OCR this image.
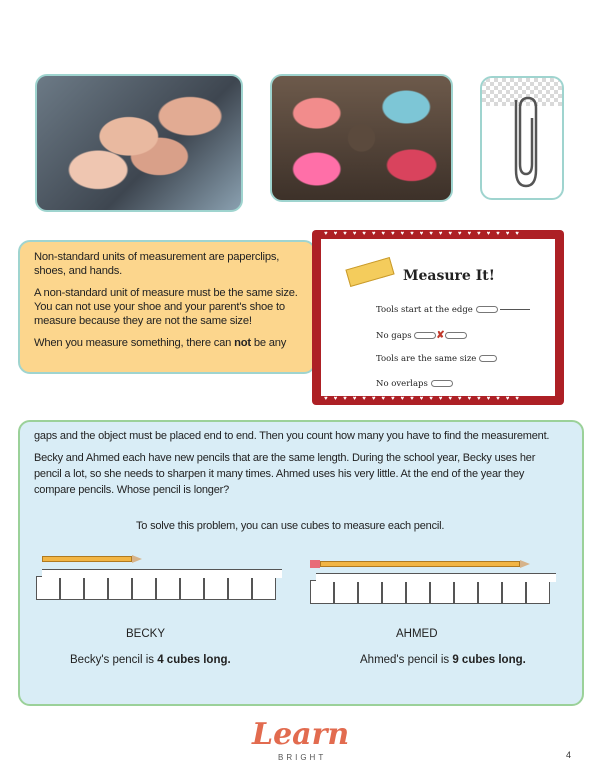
Non-standard units of measurement are paperclips, shoes, and hands.

A non-standard unit of measure must be the same size. You can not use your shoe and your parent's shoe to measure because they are not the same size!

When you measure something, there can not be any

♥♥♥♥♥♥♥♥♥♥♥♥♥♥♥♥♥♥♥♥♥
♥♥♥♥♥♥♥♥♥♥♥♥♥♥♥♥♥♥♥♥♥
Measure It!
Tools start at the edge
No gaps ✘
Tools are the same size
No overlaps
gaps and the object must be placed end to end. Then you count how many you have to find the measurement.
Becky and Ahmed each have new pencils that are the same length. During the school year, Becky uses her pencil a lot, so she needs to sharpen it many times. Ahmed uses his very little. At the end of the year they compare pencils. Whose pencil is longer?
To solve this problem, you can use cubes to measure each pencil.
BECKY	AHMED
Becky's pencil is 4 cubes long.	Ahmed's pencil is 9 cubes long.
Learn
BRIGHT	4
